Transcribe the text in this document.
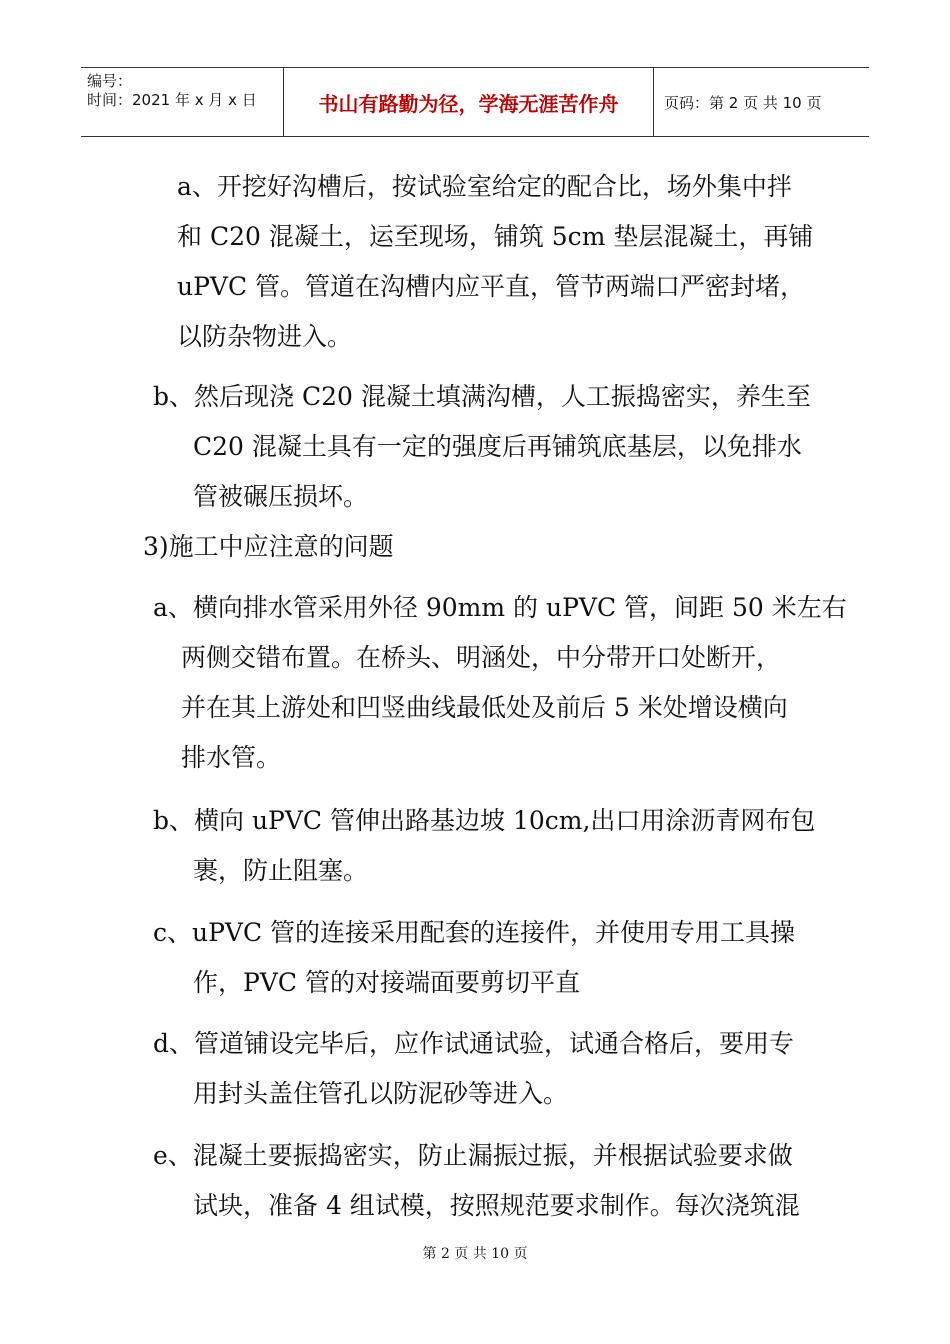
编号：
时间：2021 年 x 月 x 日	书山有路勤为径，学海无涯苦作舟	页码：第 2 页 共 10 页
a、开挖好沟槽后，按试验室给定的配合比，场外集中拌
和 C20 混凝土，运至现场，铺筑 5cm 垫层混凝土，再铺
uPVC 管。管道在沟槽内应平直，管节两端口严密封堵，
以防杂物进入。
b、然后现浇 C20 混凝土填满沟槽，人工振捣密实，养生至
C20 混凝土具有一定的强度后再铺筑底基层，以免排水
管被碾压损坏。
3)施工中应注意的问题
a、横向排水管采用外径 90mm 的 uPVC 管，间距 50 米左右
两侧交错布置。在桥头、明涵处，中分带开口处断开，
并在其上游处和凹竖曲线最低处及前后 5 米处增设横向
排水管。
b、横向 uPVC 管伸出路基边坡 10cm,出口用涂沥青网布包
裹，防止阻塞。
c、uPVC 管的连接采用配套的连接件，并使用专用工具操
作，PVC 管的对接端面要剪切平直
d、管道铺设完毕后，应作试通试验，试通合格后，要用专
用封头盖住管孔以防泥砂等进入。
e、混凝土要振捣密实，防止漏振过振，并根据试验要求做
试块，准备 4 组试模，按照规范要求制作。每次浇筑混
第 2 页 共 10 页
